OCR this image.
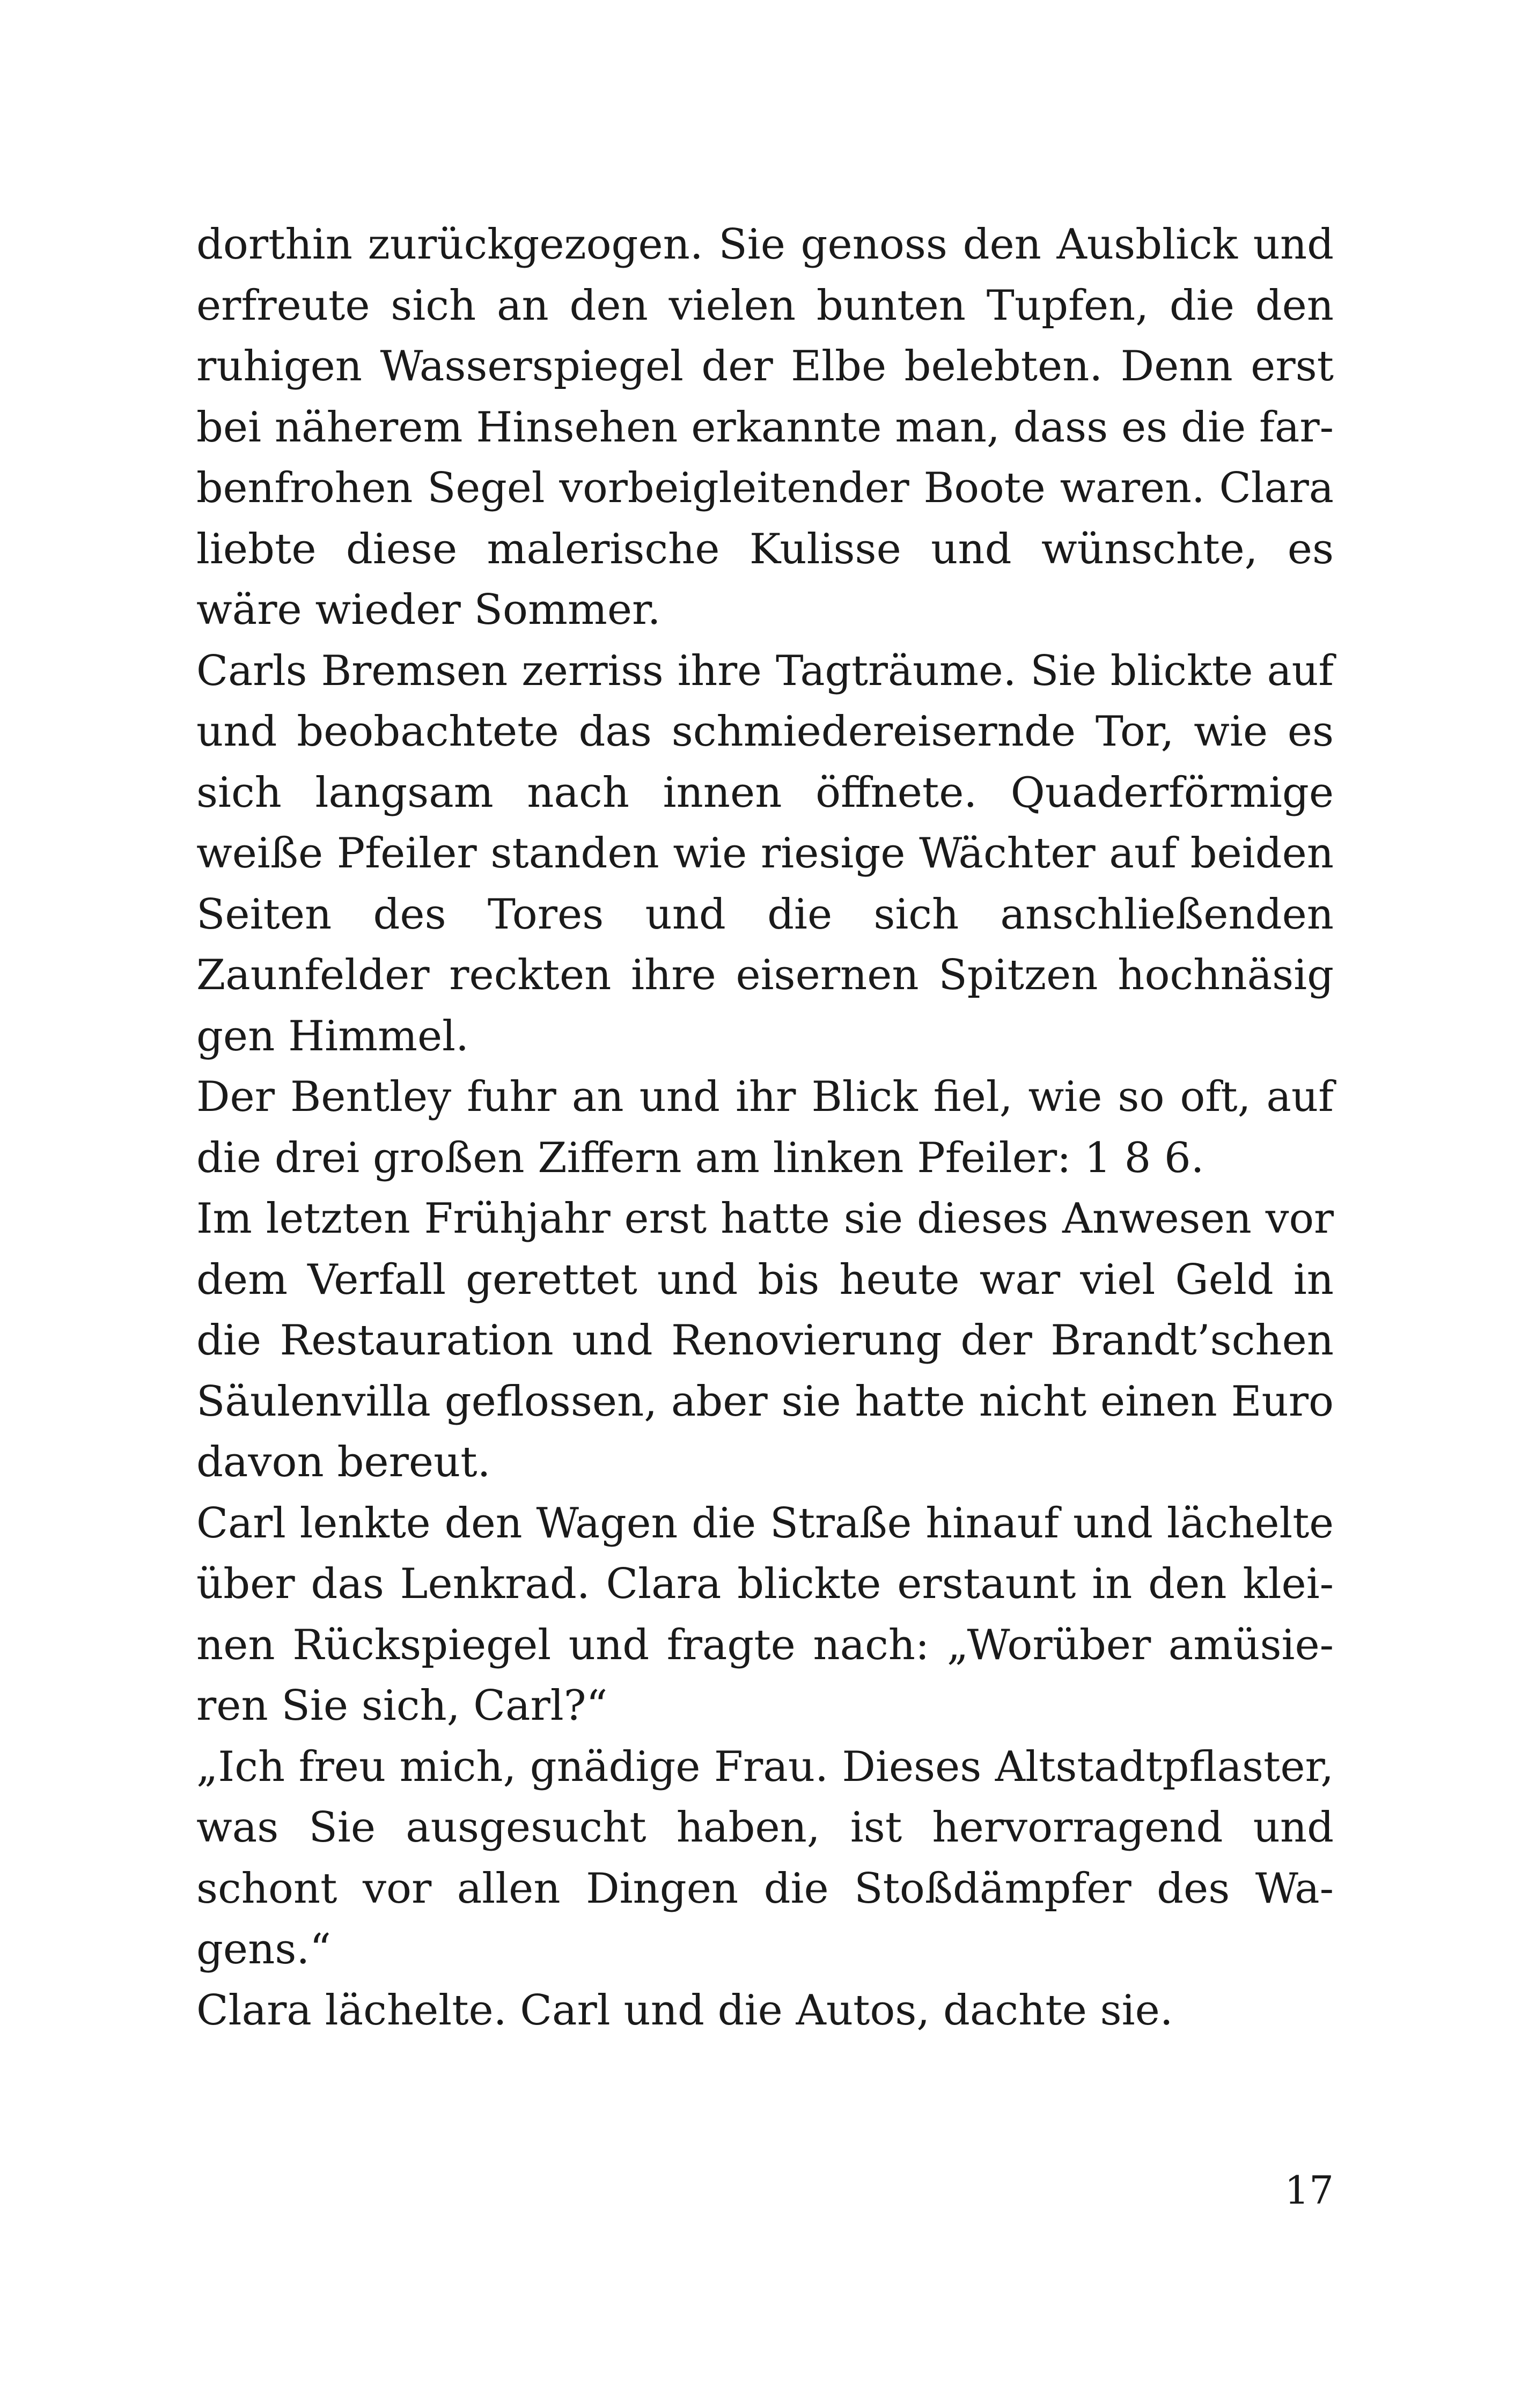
dorthin zurückgezogen. Sie genoss den Ausblick und
erfreute sich an den vielen bunten Tupfen, die den
ruhigen Wasserspiegel der Elbe belebten. Denn erst
bei näherem Hinsehen erkannte man, dass es die far-
benfrohen Segel vorbeigleitender Boote waren. Clara
liebte diese malerische Kulisse und wünschte, es
wäre wieder Sommer.
Carls Bremsen zerriss ihre Tagträume. Sie blickte auf
und beobachtete das schmiedereisernde Tor, wie es
sich langsam nach innen öffnete. Quaderförmige
weiße Pfeiler standen wie riesige Wächter auf beiden
Seiten des Tores und die sich anschließenden
Zaunfelder reckten ihre eisernen Spitzen hochnäsig
gen Himmel.
Der Bentley fuhr an und ihr Blick fiel, wie so oft, auf
die drei großen Ziffern am linken Pfeiler: 1 8 6.
Im letzten Frühjahr erst hatte sie dieses Anwesen vor
dem Verfall gerettet und bis heute war viel Geld in
die Restauration und Renovierung der Brandt’schen
Säulenvilla geflossen, aber sie hatte nicht einen Euro
davon bereut.
Carl lenkte den Wagen die Straße hinauf und lächelte
über das Lenkrad. Clara blickte erstaunt in den klei-
nen Rückspiegel und fragte nach: „Worüber amüsie-
ren Sie sich, Carl?“
„Ich freu mich, gnädige Frau. Dieses Altstadtpflaster,
was Sie ausgesucht haben, ist hervorragend und
schont vor allen Dingen die Stoßdämpfer des Wa-
gens.“
Clara lächelte. Carl und die Autos, dachte sie.
17
